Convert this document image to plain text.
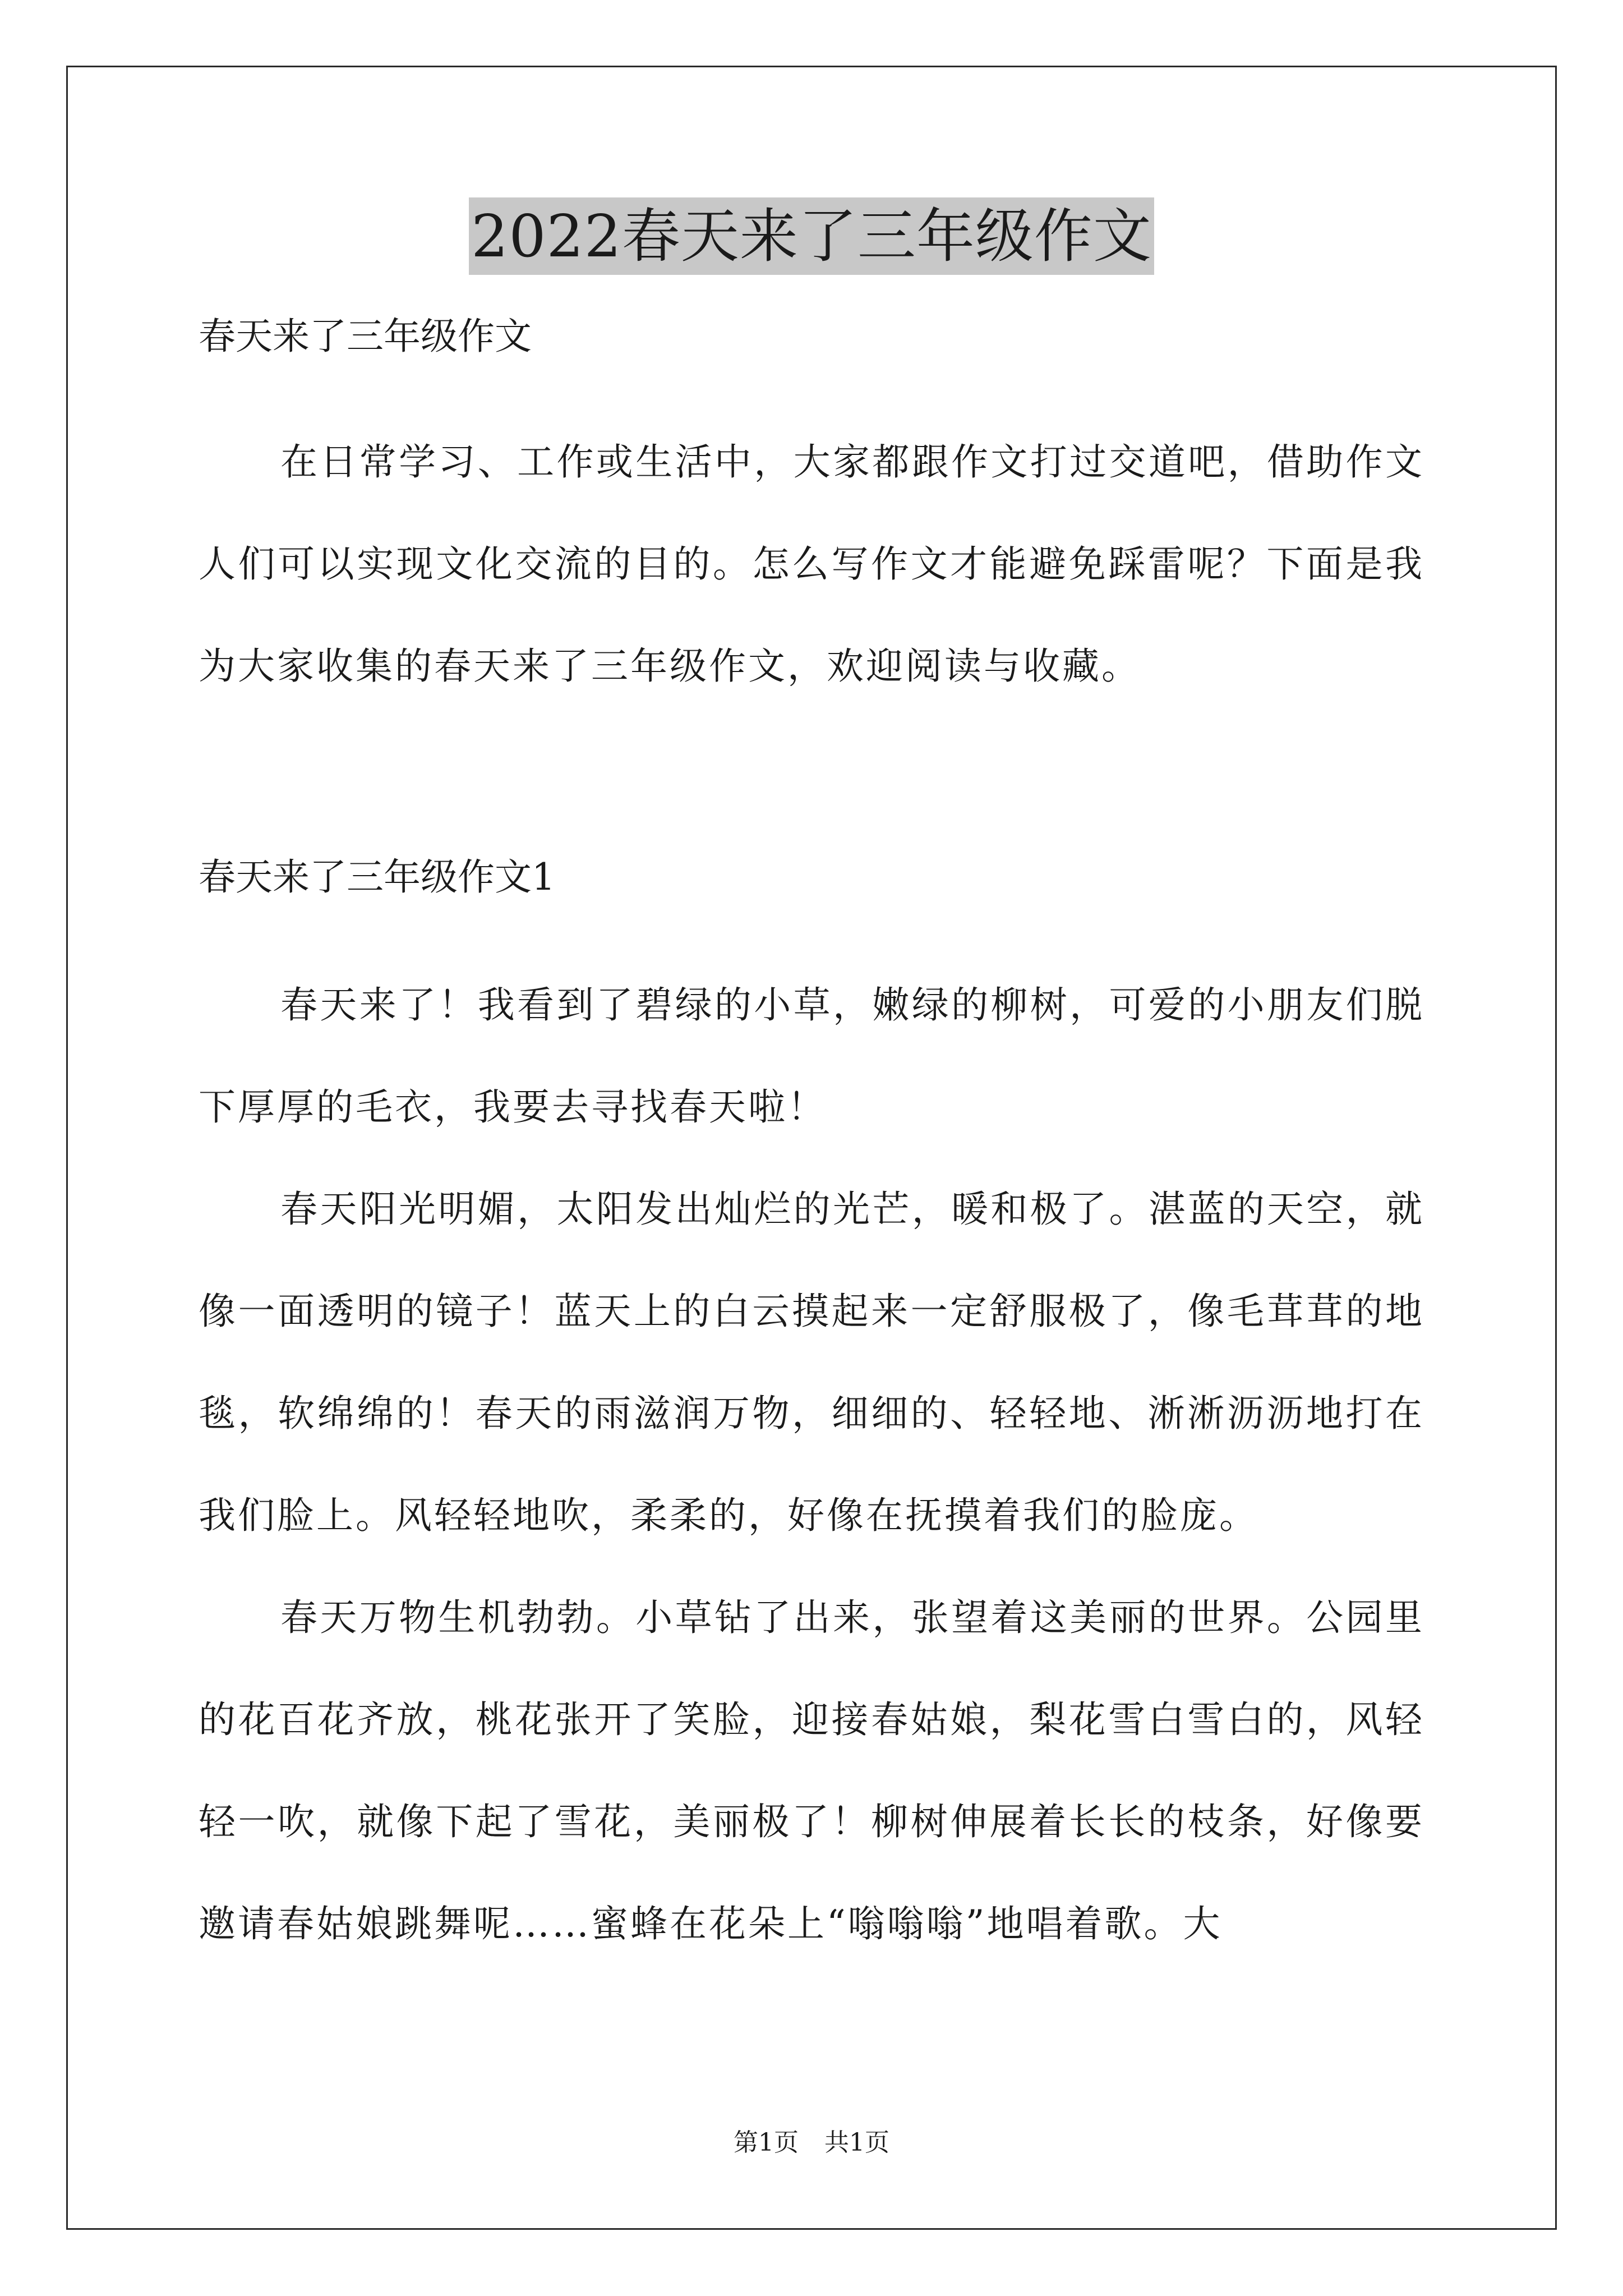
2022春天来了三年级作文

春天来了三年级作文

在日常学习、工作或生活中，大家都跟作文打过交道吧，借助作文人们可以实现文化交流的目的。怎么写作文才能避免踩雷呢？下面是我为大家收集的春天来了三年级作文，欢迎阅读与收藏。

春天来了三年级作文1

春天来了！我看到了碧绿的小草，嫩绿的柳树，可爱的小朋友们脱下厚厚的毛衣，我要去寻找春天啦！

春天阳光明媚，太阳发出灿烂的光芒，暖和极了。湛蓝的天空，就像一面透明的镜子！蓝天上的白云摸起来一定舒服极了，像毛茸茸的地毯，软绵绵的！春天的雨滋润万物，细细的、轻轻地、淅淅沥沥地打在我们脸上。风轻轻地吹，柔柔的，好像在抚摸着我们的脸庞。

春天万物生机勃勃。小草钻了出来，张望着这美丽的世界。公园里的花百花齐放，桃花张开了笑脸，迎接春姑娘，梨花雪白雪白的，风轻轻一吹，就像下起了雪花，美丽极了！柳树伸展着长长的枝条，好像要邀请春姑娘跳舞呢……蜜蜂在花朵上“嗡嗡嗡”地唱着歌。大

第1页 共1页
